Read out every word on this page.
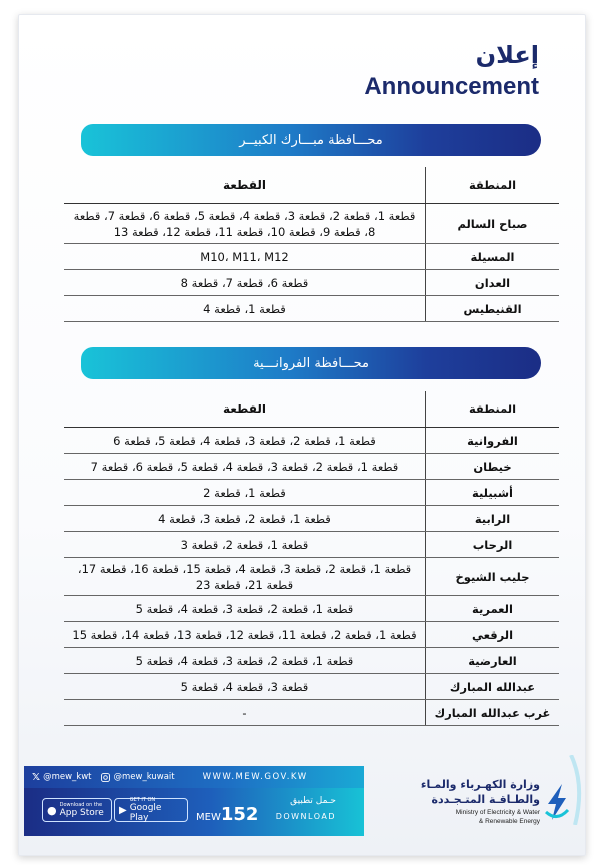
إعلان
Announcement
محـــافظة مبـــارك الكبيــر
المنطقة	القطعة
صباح السالم	قطعة 1، قطعة 2، قطعة 3، قطعة 4، قطعة 5، قطعة 6، قطعة 7، قطعة 8، قطعة 9، قطعة 10، قطعة 11، قطعة 12، قطعة 13
المسيلة	M10، M11، M12
العدان	قطعة 6، قطعة 7، قطعة 8
القنيطيس	قطعة 1، قطعة 4
محـــافظة الفروانـــية
المنطقة	القطعة
الفروانية	قطعة 1، قطعة 2، قطعة 3، قطعة 4، قطعة 5، قطعة 6
خيطان	قطعة 1، قطعة 2، قطعة 3، قطعة 4، قطعة 5، قطعة 6، قطعة 7
أشبيلية	قطعة 1، قطعة 2
الرابية	قطعة 1، قطعة 2، قطعة 3، قطعة 4
الرحاب	قطعة 1، قطعة 2، قطعة 3
جليب الشيوخ	قطعة 1، قطعة 2، قطعة 3، قطعة 4، قطعة 15، قطعة 16، قطعة 17، قطعة 21، قطعة 23
العمرية	قطعة 1، قطعة 2، قطعة 3، قطعة 4، قطعة 5
الرقعي	قطعة 1، قطعة 2، قطعة 11، قطعة 12، قطعة 13، قطعة 14، قطعة 15
العارضية	قطعة 1، قطعة 2، قطعة 3، قطعة 4، قطعة 5
عبدالله المبارك	قطعة 3، قطعة 4، قطعة 5
غرب عبدالله المبارك	-
𝕏 @mew_kwt	@mew_kuwait	WWW.MEW.GOV.KW
● Download on the
App Store ▶
GET IT ON
Google Play	MEW152
حـمل تطبيق
DOWNLOAD
وزارة الكهـرباء والمـاء
والطـاقـة المتـجـددة
Ministry of Electricity & Water
& Renewable Energy
